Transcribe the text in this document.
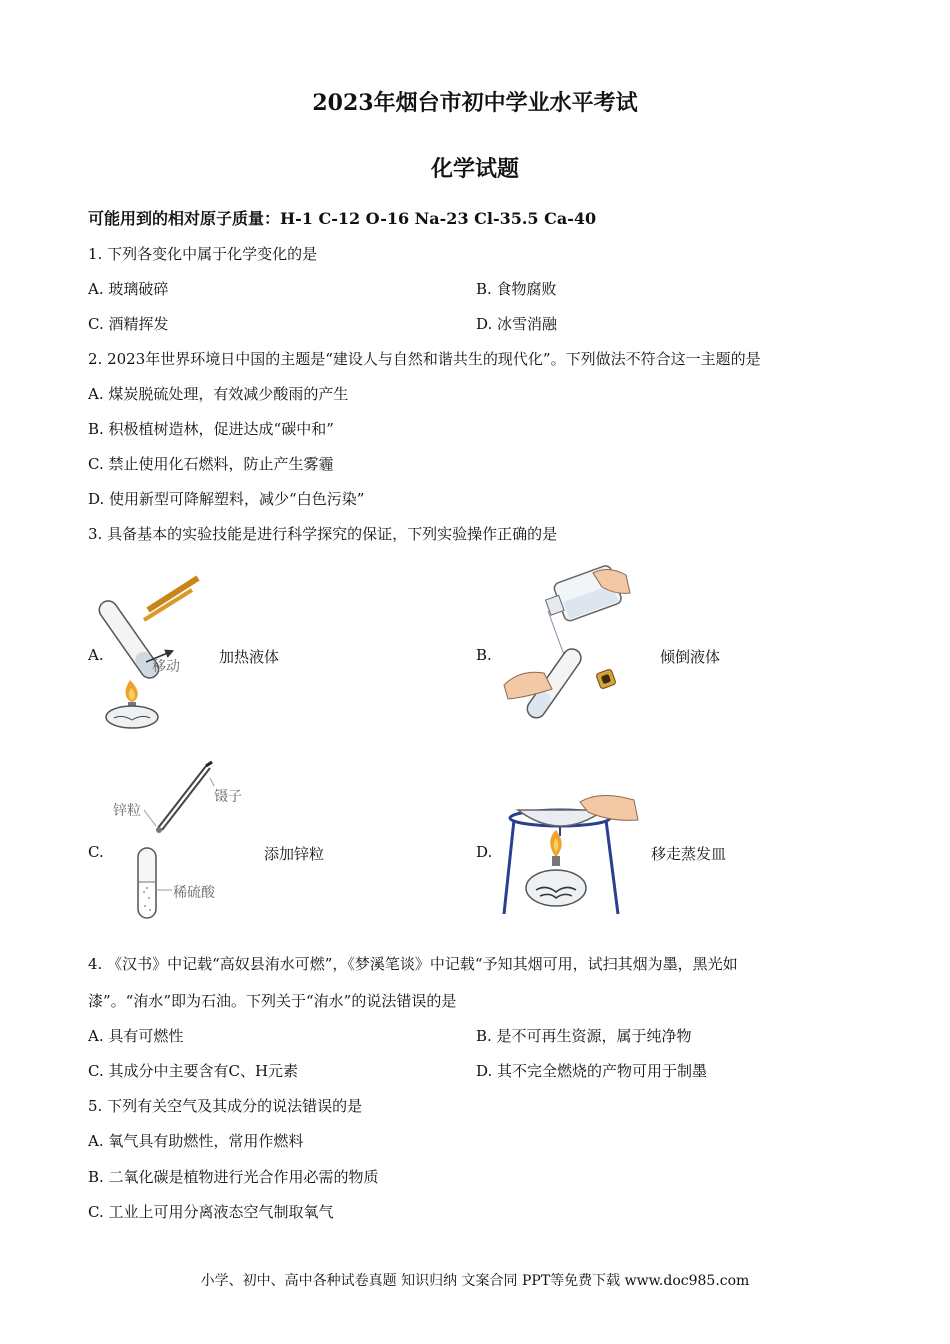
2023年烟台市初中学业水平考试
化学试题
可能用到的相对原子质量：H-1 C-12 O-16 Na-23 Cl-35.5 Ca-40
1. 下列各变化中属于化学变化的是
A. 玻璃破碎	B. 食物腐败
C. 酒精挥发	D. 冰雪消融
2. 2023年世界环境日中国的主题是“建设人与自然和谐共生的现代化”。下列做法不符合这一主题的是
A. 煤炭脱硫处理，有效减少酸雨的产生
B. 积极植树造林，促进达成“碳中和”
C. 禁止使用化石燃料，防止产生雾霾
D. 使用新型可降解塑料，减少“白色污染”
3. 具备基本的实验技能是进行科学探究的保证，下列实验操作正确的是
A.
移动
加热液体	B.	倾倒液体
C.
锌粒
镊子
稀硫酸
添加锌粒	D.	移走蒸发皿
4. 《汉书》中记载“高奴县洧水可燃”，《梦溪笔谈》中记载“予知其烟可用，试扫其烟为墨，黑光如
漆”。“洧水”即为石油。下列关于“洧水”的说法错误的是
A. 具有可燃性	B. 是不可再生资源，属于纯净物
C. 其成分中主要含有C、H元素	D. 其不完全燃烧的产物可用于制墨
5. 下列有关空气及其成分的说法错误的是
A. 氧气具有助燃性，常用作燃料
B. 二氧化碳是植物进行光合作用必需的物质
C. 工业上可用分离液态空气制取氧气
小学、初中、高中各种试卷真题 知识归纳 文案合同 PPT等免费下载 www.doc985.com
